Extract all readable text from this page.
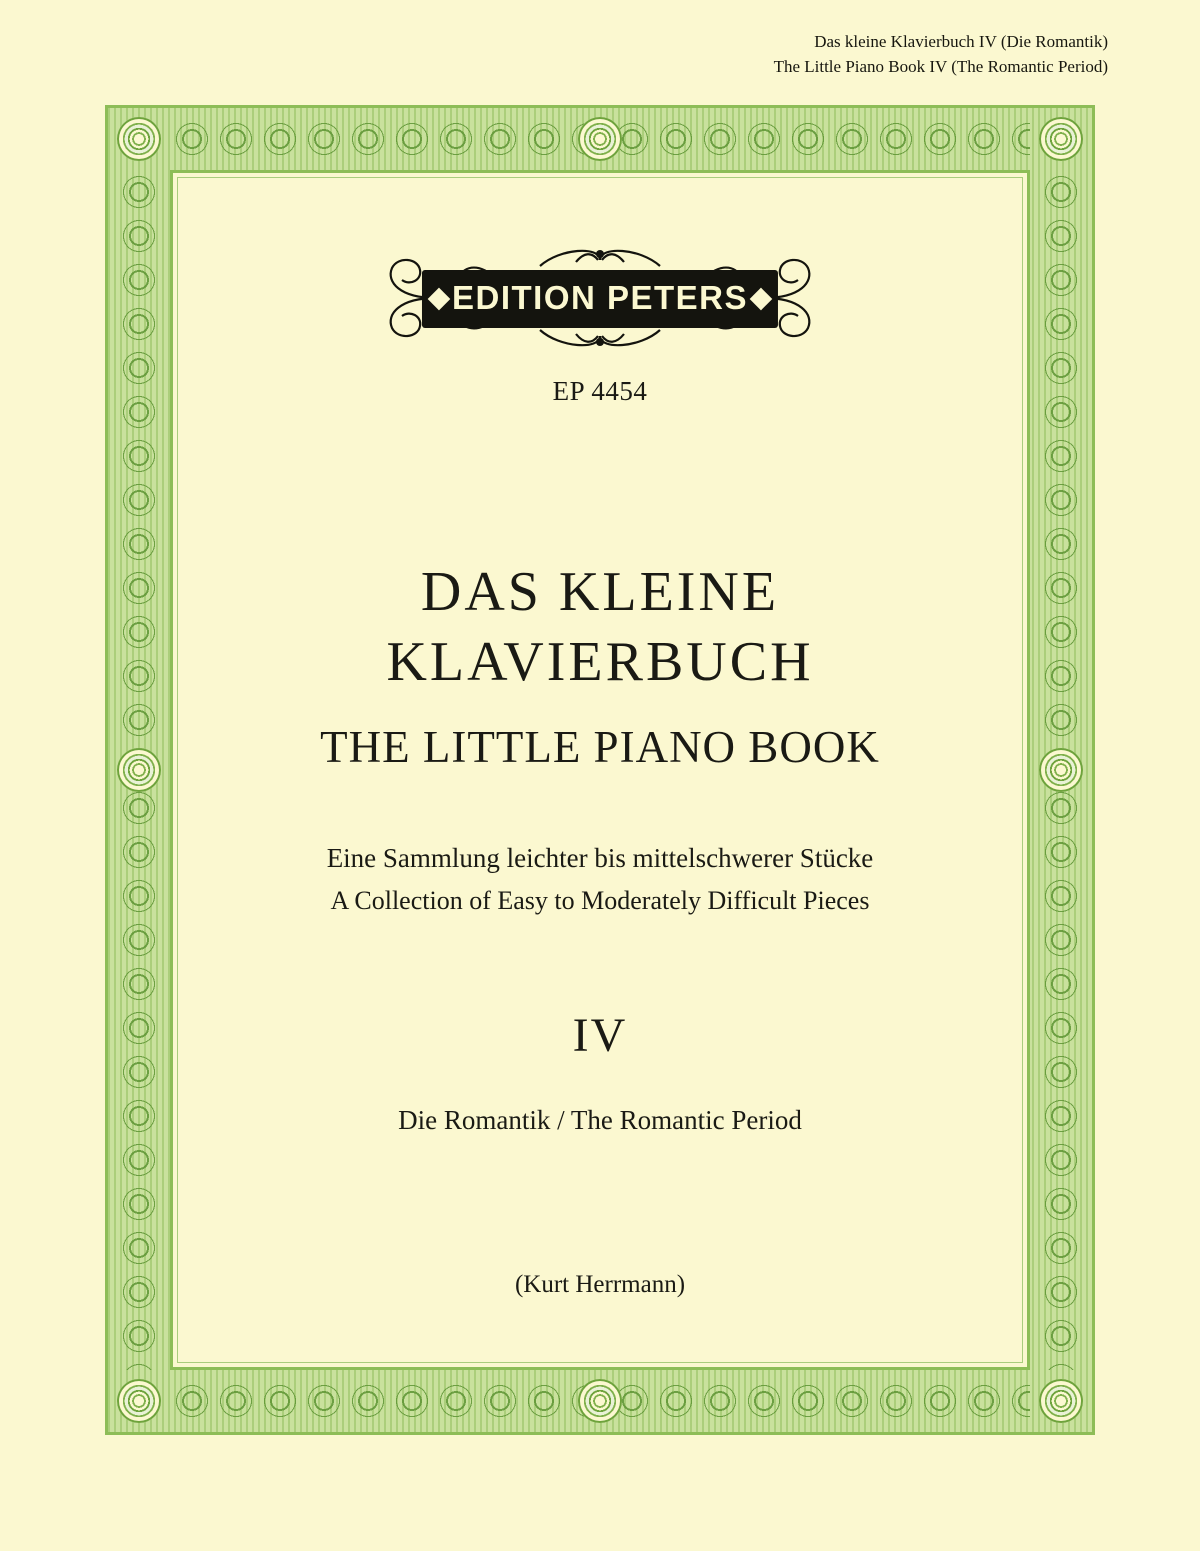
Das kleine Klavierbuch IV (Die Romantik)
The Little Piano Book IV (The Romantic Period)
EDITION PETERS
EP 4454
DAS KLEINE
KLAVIERBUCH
THE LITTLE PIANO BOOK
Eine Sammlung leichter bis mittelschwerer Stücke
A Collection of Easy to Moderately Difficult Pieces
IV
Die Romantik / The Romantic Period
(Kurt Herrmann)
